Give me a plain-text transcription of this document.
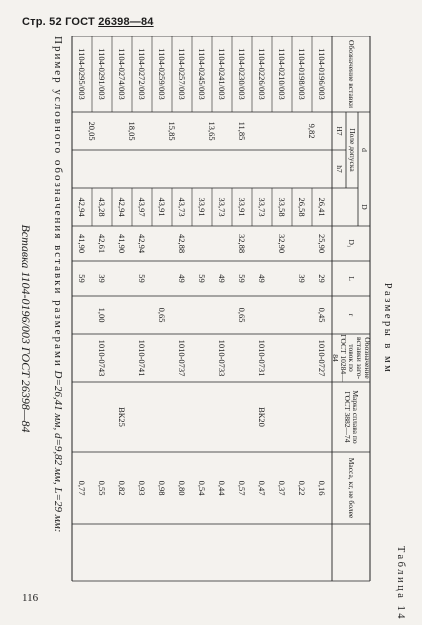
Стр. 52 ГОСТ 26398—84
116	Таблица 14
Размеры в мм
Обозначение вставки
d
D
Поле допуска
H7
h7
D₁
L
r
Обозначение вставки заго-товок по ГОСТ 10284—84
Марка сплава по ГОСТ 3882—74
Масса, кг, не более
1104-0196/003
26,41
25,90
29
0,45
1010-0727
0,16
1104-0198/003
26,58
39
0,22
1104-0210/003
33,58
32,90
0,37
1104-0226/003
33,73
49
1010-0731
0,47
1104-0230/003
33,91
32,88
59
0,65
0,57
1104-0241/003
33,73
49
1010-0733
0,44
1104-0245/003
33,91
59
0,54
1104-0257/003
43,73
42,88
49
1010-0737
0,80
1104-0259/003
43,91
0,65
0,98
1104-0272/003
43,97
42,94
59
1010-0741
0,93
1104-0274/003
42,94
41,90
0,82
1104-0291/003
43,28
42,61
39
1,00
1010-0743
0,55
1104-0295/003
42,94
41,90
59
0,77
9,82
11,85
13,65
15,85
18,05
20,05
ВК20
ВК25
Пример условного обозначения вставки размерами D=26,41 мм, d=9,82 мм, L=29 мм:
Вставка 1104-0196/003 ГОСТ 26398—84
